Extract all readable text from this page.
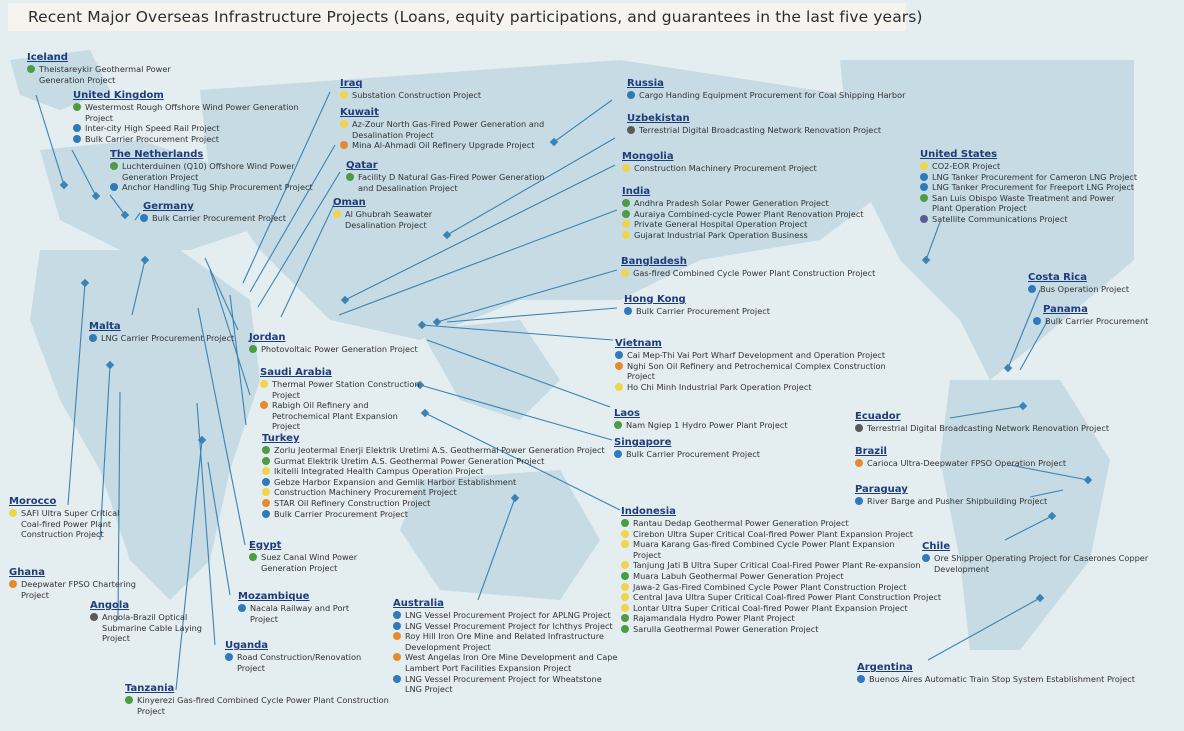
Recent Major Overseas Infrastructure Projects (Loans, equity participations, and guarantees in the last five years)
Iceland
Theistareykir Geothermal Power Generation Project
United Kingdom
Westermost Rough Offshore Wind Power Generation Project
Inter-city High Speed Rail Project
Bulk Carrier Procurement Project
The Netherlands
Luchterduinen (Q10) Offshore Wind Power Generation Project
Anchor Handling Tug Ship Procurement Project
Germany
Bulk Carrier Procurement Project
Malta
LNG Carrier Procurement Project
Morocco
SAFI Ultra Super Critical Coal-fired Power Plant Construction Project
Ghana
Deepwater FPSO Chartering Project
Angola
Angola-Brazil Optical Submarine Cable Laying Project
Tanzania
Kinyerezi Gas-fired Combined Cycle Power Plant Construction Project
Mozambique
Nacala Railway and Port Project
Uganda
Road Construction/Renovation Project
Egypt
Suez Canal Wind Power Generation Project
Iraq
Substation Construction Project
Kuwait
Az-Zour North Gas-Fired Power Generation and Desalination Project
Mina Al-Ahmadi Oil Refinery Upgrade Project
Qatar
Facility D Natural Gas-Fired Power Generation and Desalination Project
Oman
Al Ghubrah Seawater Desalination Project
Jordan
Photovoltaic Power Generation Project
Saudi Arabia
Thermal Power Station Construction Project
Rabigh Oil Refinery and Petrochemical Plant Expansion Project
Turkey
Zorlu Jeotermal Enerji Elektrik Uretimi A.S. Geothermal Power Generation Project
Gurmat Elektrik Uretim A.S. Geothermal Power Generation Project
Ikitelli Integrated Health Campus Operation Project
Gebze Harbor Expansion and Gemlik Harbor Establishment
Construction Machinery Procurement Project
STAR Oil Refinery Construction Project
Bulk Carrier Procurement Project
Russia
Cargo Handing Equipment Procurement for Coal Shipping Harbor
Uzbekistan
Terrestrial Digital Broadcasting Network Renovation Project
Mongolia
Construction Machinery Procurement Project
India
Andhra Pradesh Solar Power Generation Project
Auraiya Combined-cycle Power Plant Renovation Project
Private General Hospital Operation Project
Gujarat Industrial Park Operation Business
Bangladesh
Gas-fired Combined Cycle Power Plant Construction Project
Hong Kong
Bulk Carrier Procurement Project
Vietnam
Cai Mep-Thi Vai Port Wharf Development and Operation Project
Nghi Son Oil Refinery and Petrochemical Complex Construction Project
Ho Chi Minh Industrial Park Operation Project
Laos
Nam Ngiep 1 Hydro Power Plant Project
Singapore
Bulk Carrier Procurement Project
Indonesia
Rantau Dedap Geothermal Power Generation Project
Cirebon Ultra Super Critical Coal-fired Power Plant Expansion Project
Muara Karang Gas-fired Combined Cycle Power Plant Expansion Project
Tanjung Jati B Ultra Super Critical Coal-Fired Power Plant Re-expansion
Muara Labuh Geothermal Power Generation Project
Jawa-2 Gas-Fired Combined Cycle Power Plant Construction Project
Central Java Ultra Super Critical Coal-fired Power Plant Construction Project
Lontar Ultra Super Critical Coal-fired Power Plant Expansion Project
Rajamandala Hydro Power Plant Project
Sarulla Geothermal Power Generation Project
Australia
LNG Vessel Procurement Project for APLNG Project
LNG Vessel Procurement Project for Ichthys Project
Roy Hill Iron Ore Mine and Related Infrastructure Development Project
West Angelas Iron Ore Mine Development and Cape Lambert Port Facilities Expansion Project
LNG Vessel Procurement Project for Wheatstone LNG Project
United States
CO2-EOR Project
LNG Tanker Procurement for Cameron LNG Project
LNG Tanker Procurement for Freeport LNG Project
San Luis Obispo Waste Treatment and Power Plant Operation Project
Satellite Communications Project
Costa Rica
Bus Operation Project
Panama
Bulk Carrier Procurement
Ecuador
Terrestrial Digital Broadcasting Network Renovation Project
Brazil
Carioca Ultra-Deepwater FPSO Operation Project
Paraguay
River Barge and Pusher Shipbuilding Project
Chile
Ore Shipper Operating Project for Caserones Copper Development
Argentina
Buenos Aires Automatic Train Stop System Establishment Project
